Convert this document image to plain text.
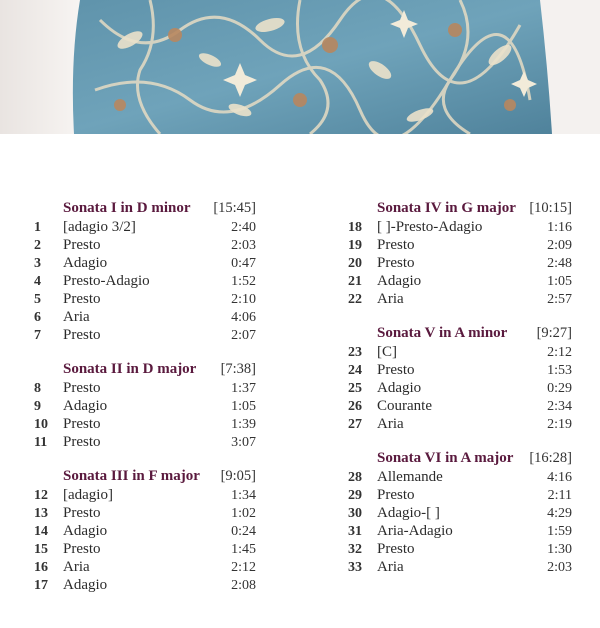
Sonata I in D minor	[15:45]
1	[adagio 3/2]	2:40
2	Presto	2:03
3	Adagio	0:47
4	Presto-Adagio	1:52
5	Presto	2:10
6	Aria	4:06
7	Presto	2:07
Sonata II in D major	[7:38]
8	Presto	1:37
9	Adagio	1:05
10	Presto	1:39
11	Presto	3:07
Sonata III in F major	[9:05]
12	[adagio]	1:34
13	Presto	1:02
14	Adagio	0:24
15	Presto	1:45
16	Aria	2:12
17	Adagio	2:08
Sonata IV in G major [10:15]
18	[ ]-Presto-Adagio	1:16
19	Presto	2:09
20	Presto	2:48
21	Adagio	1:05
22	Aria	2:57
Sonata V in A minor	[9:27]
23	[C]	2:12
24	Presto	1:53
25	Adagio	0:29
26	Courante	2:34
27	Aria	2:19
Sonata VI in A major	[16:28]
28	Allemande	4:16
29	Presto	2:11
30	Adagio-[ ]	4:29
31	Aria-Adagio	1:59
32	Presto	1:30
33	Aria	2:03
